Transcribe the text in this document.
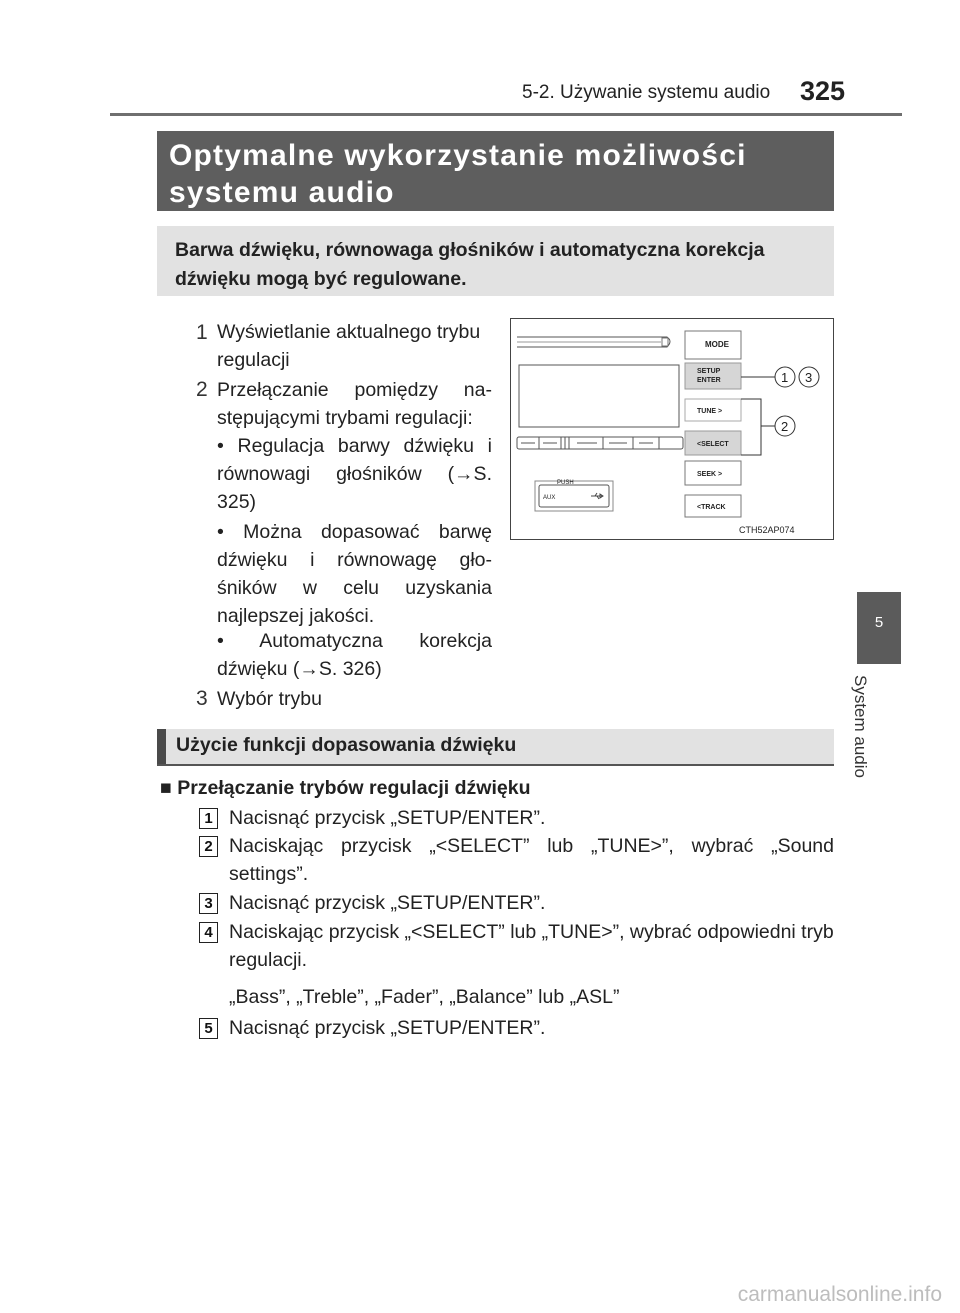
5-2. Używanie systemu audio 325
5
System audio
Optymalne wykorzystanie możliwości systemu audio
Barwa dźwięku, równowaga głośników i automatyczna korekcja dźwięku mogą być regulowane.
1 Wyświetlanie aktualnego trybu regulacji
2 Przełączanie pomiędzy na-stępującymi trybami regulacji:
• Regulacja barwy dźwięku i równowagi głośników (→S. 325)
• Można dopasować barwę dźwięku i równowagę gło-śników w celu uzyskania najlepszej jakości.
• Automatyczna korekcja dźwięku (→S. 326)
3 Wybór trybu
MODE
SETUP
ENTER
TUNE >
<SELECT
SEEK >
<TRACK
PUSH
AUX
1 3
2
CTH52AP074
Użycie funkcji dopasowania dźwięku
■ Przełączanie trybów regulacji dźwięku
1 Nacisnąć przycisk „SETUP/ENTER”.
2 Naciskając przycisk „<SELECT” lub „TUNE>”, wybrać „Sound settings”.
3 Nacisnąć przycisk „SETUP/ENTER”.
4 Naciskając przycisk „<SELECT” lub „TUNE>”, wybrać odpowiedni tryb regulacji.
„Bass”, „Treble”, „Fader”, „Balance” lub „ASL”
5 Nacisnąć przycisk „SETUP/ENTER”.
carmanualsonline.info
